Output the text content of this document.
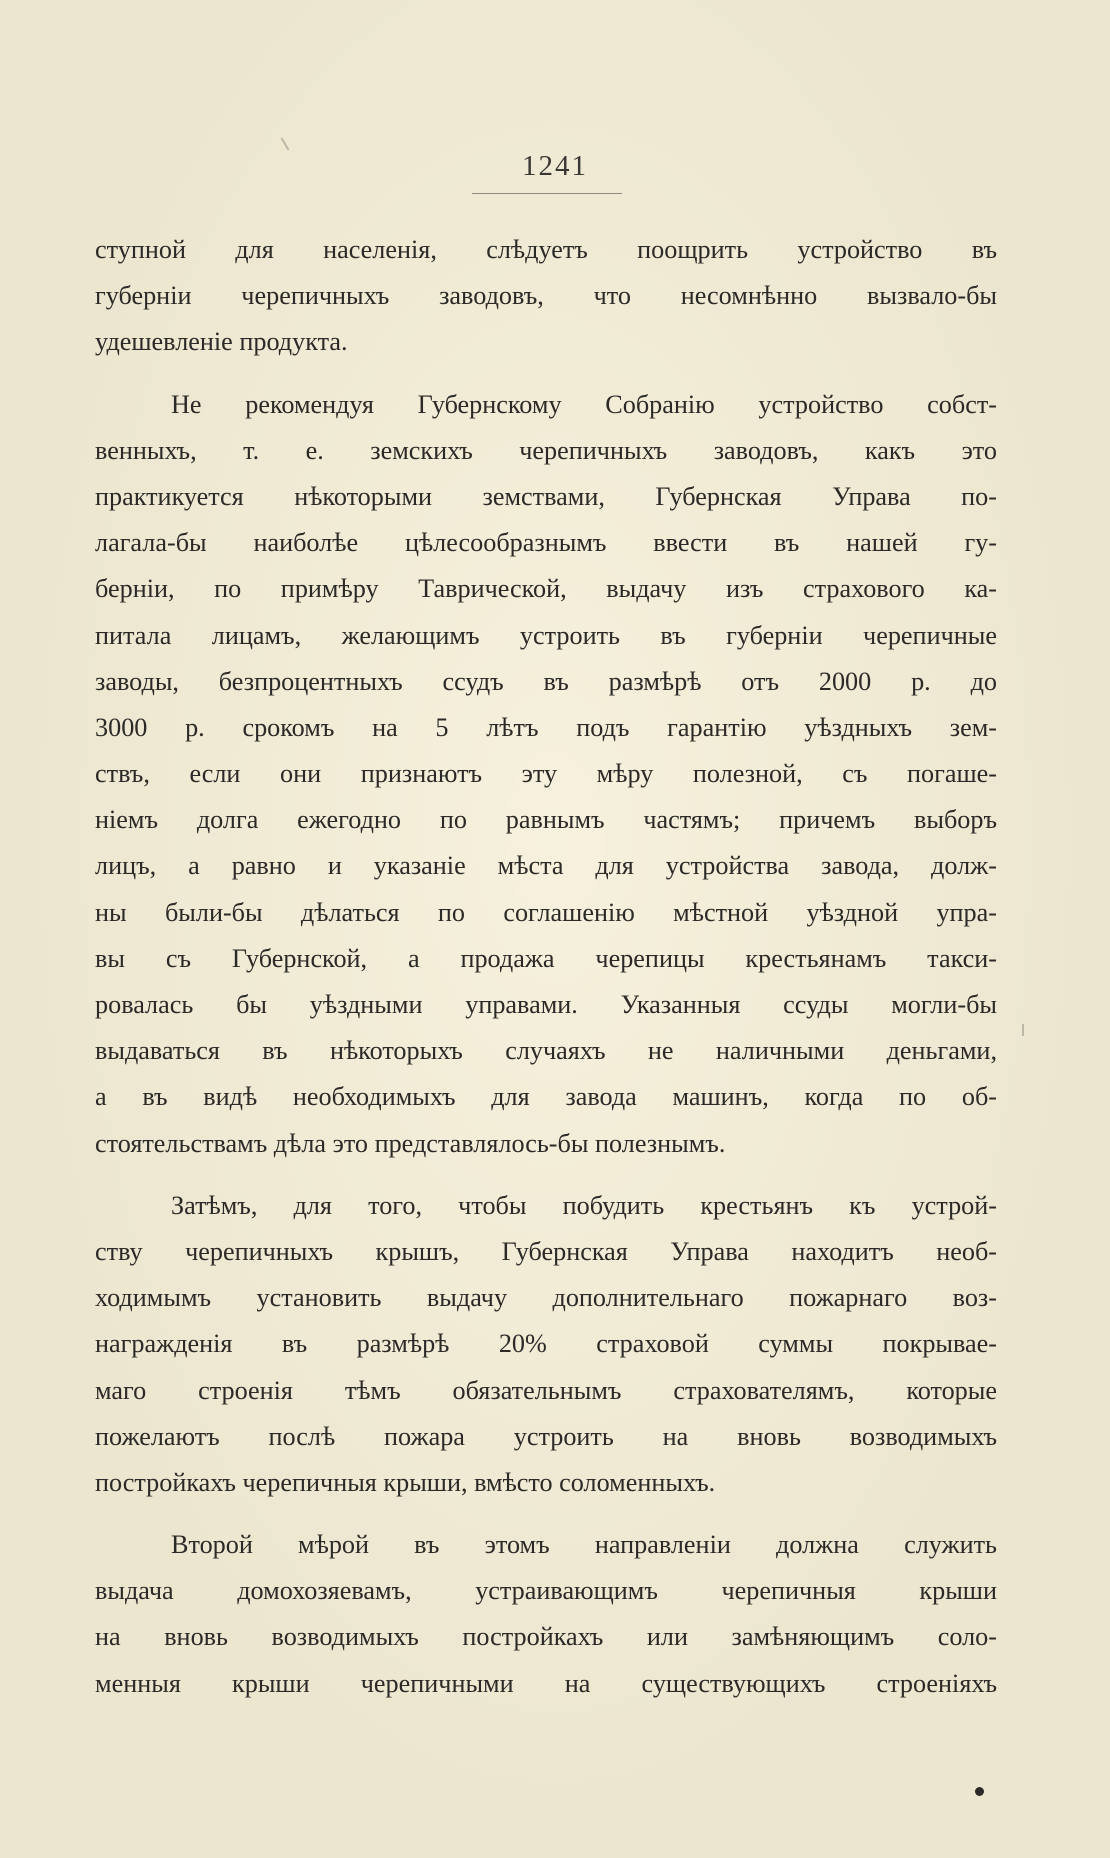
1241

ступной для населенія, слѣдуетъ поощрить устройство въ
губерніи черепичныхъ заводовъ, что несомнѣнно вызвало-бы
удешевленіе продукта.

Не рекомендуя Губернскому Собранію устройство собст-
венныхъ, т. е. земскихъ черепичныхъ заводовъ, какъ это
практикуется нѣкоторыми земствами, Губернская Управа по-
лагала-бы наиболѣе цѣлесообразнымъ ввести въ нашей гу-
берніи, по примѣру Таврической, выдачу изъ страхового ка-
питала лицамъ, желающимъ устроить въ губерніи черепичные
заводы, безпроцентныхъ ссудъ въ размѣрѣ отъ 2000 р. до
3000 р. срокомъ на 5 лѣтъ подъ гарантію уѣздныхъ зем-
ствъ, если они признаютъ эту мѣру полезной, съ погаше-
ніемъ долга ежегодно по равнымъ частямъ; причемъ выборъ
лицъ, а равно и указаніе мѣста для устройства завода, долж-
ны были-бы дѣлаться по соглашенію мѣстной уѣздной упра-
вы съ Губернской, а продажа черепицы крестьянамъ такси-
ровалась бы уѣздными управами. Указанныя ссуды могли-бы
выдаваться въ нѣкоторыхъ случаяхъ не наличными деньгами,
а въ видѣ необходимыхъ для завода машинъ, когда по об-
стоятельствамъ дѣла это представлялось-бы полезнымъ.

Затѣмъ, для того, чтобы побудить крестьянъ къ устрой-
ству черепичныхъ крышъ, Губернская Управа находитъ необ-
ходимымъ установить выдачу дополнительнаго пожарнаго воз-
награжденія въ размѣрѣ 20% страховой суммы покрывае-
маго строенія тѣмъ обязательнымъ страхователямъ, которые
пожелаютъ послѣ пожара устроить на вновь возводимыхъ
постройкахъ черепичныя крыши, вмѣсто соломенныхъ.

Второй мѣрой въ этомъ направленіи должна служить
выдача домохозяевамъ, устраивающимъ черепичныя крыши
на вновь возводимыхъ постройкахъ или замѣняющимъ соло-
менныя крыши черепичными на существующихъ строеніяхъ
